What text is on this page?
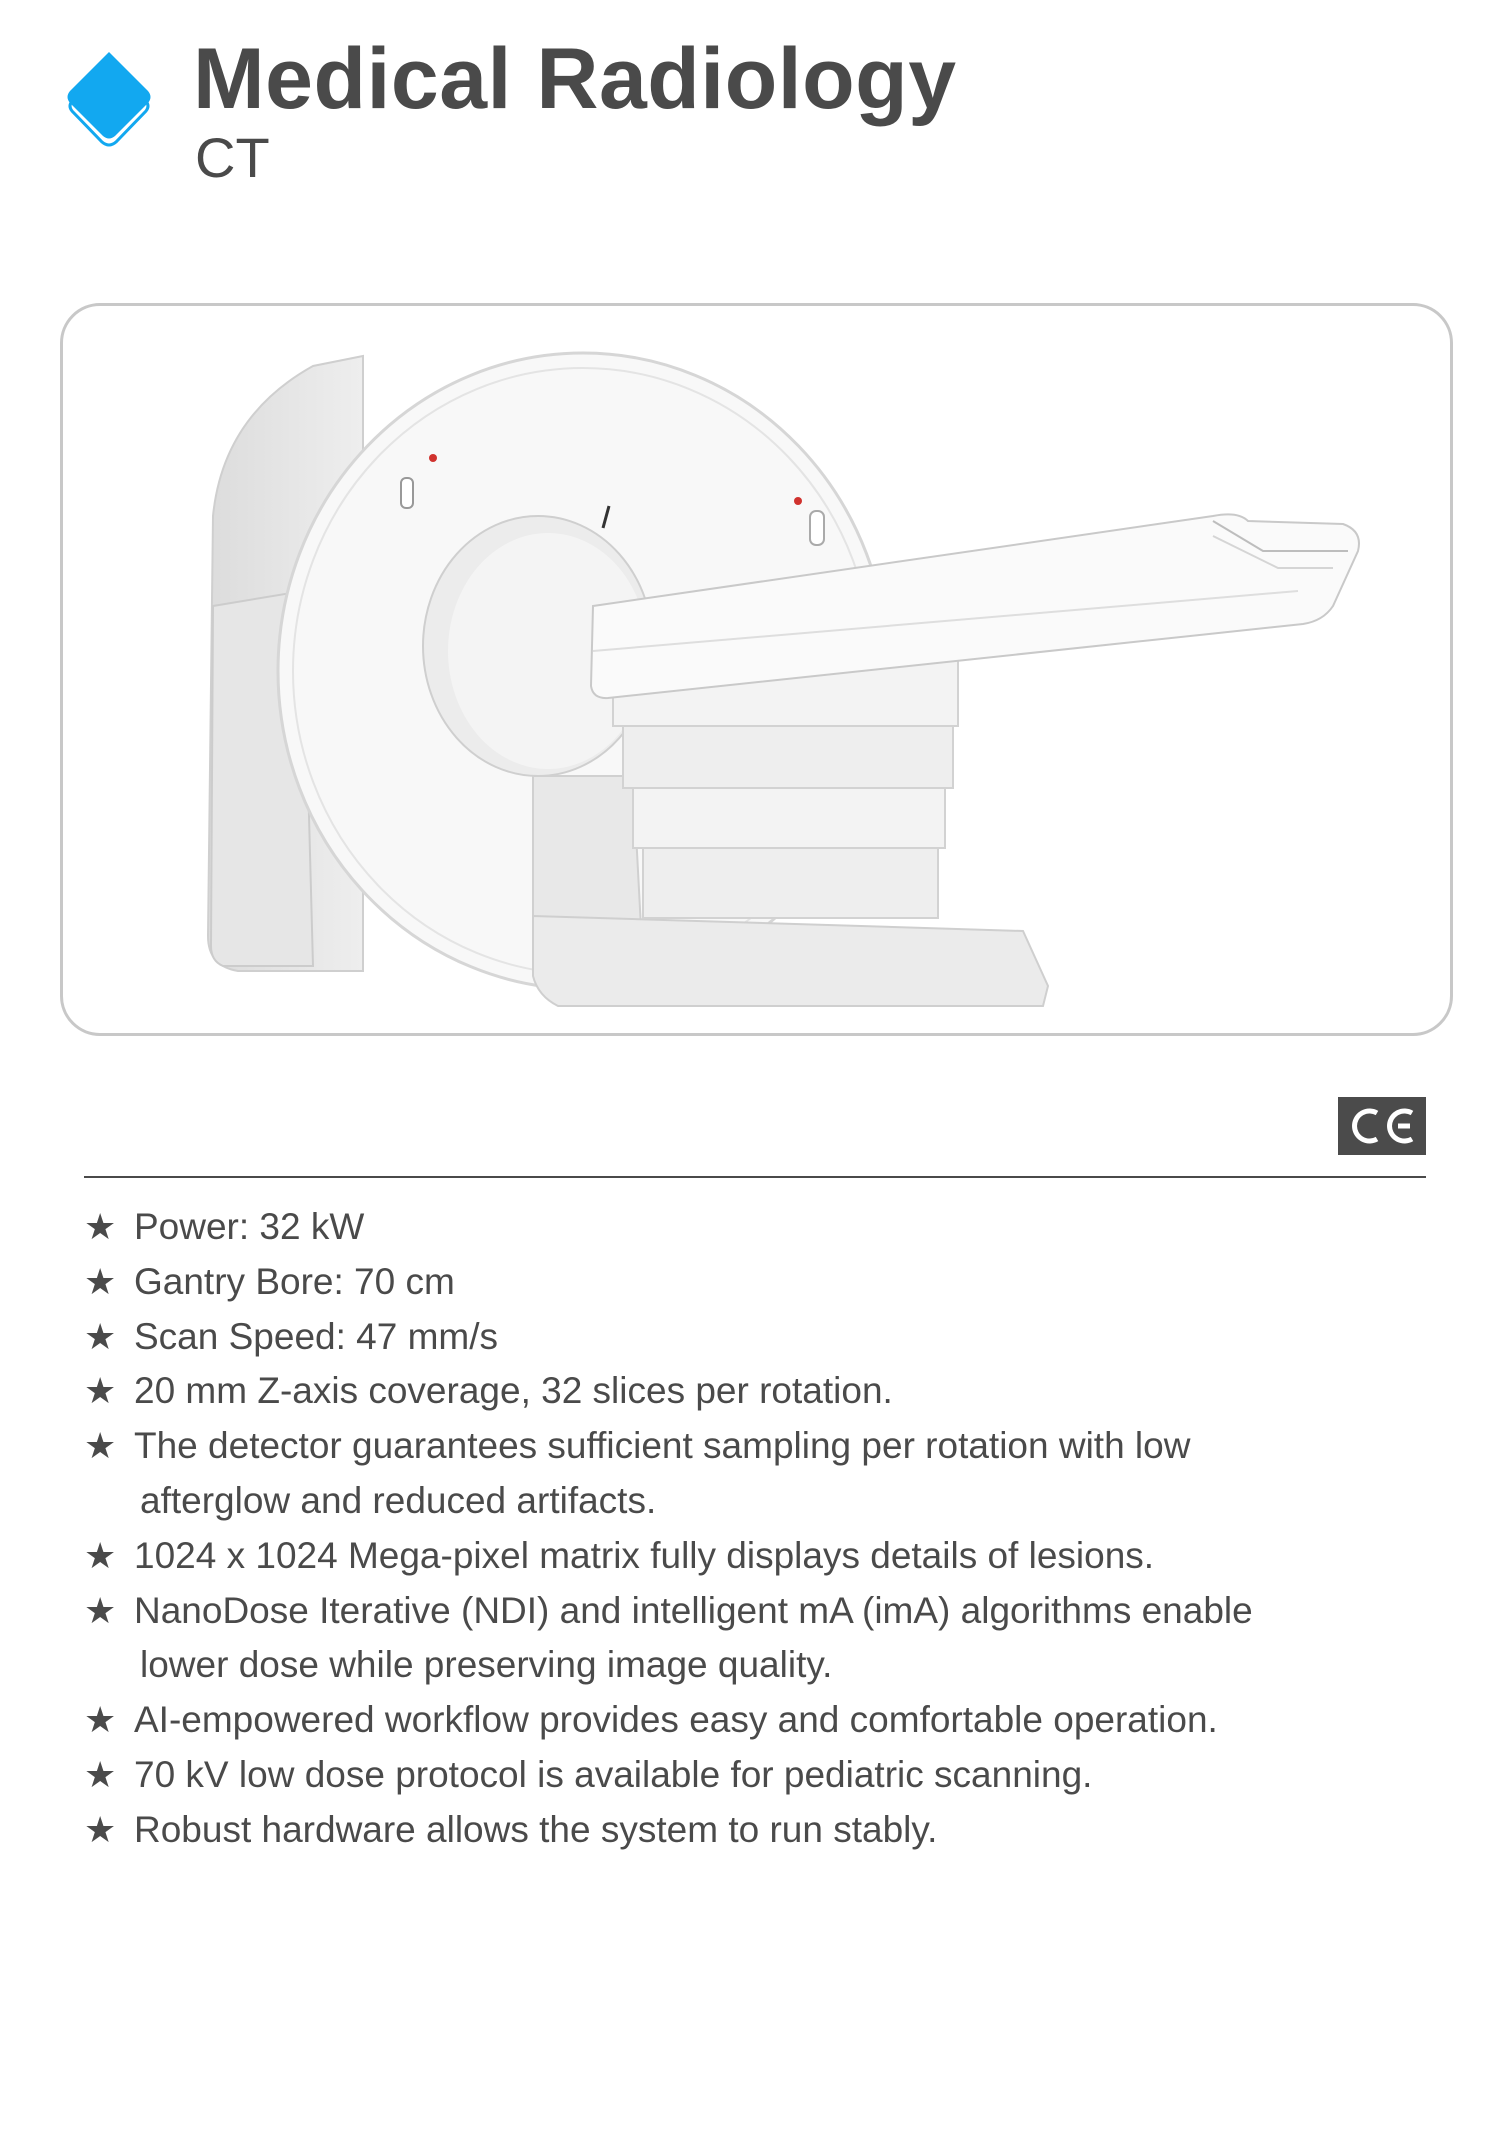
Medical Radiology
CT
★ Power: 32 kW
★ Gantry Bore: 70 cm
★ Scan Speed: 47 mm/s
★ 20 mm Z-axis coverage, 32 slices per rotation.
★ The detector guarantees sufficient sampling per rotation with low
afterglow and reduced artifacts.
★ 1024 x 1024 Mega-pixel matrix fully displays details of lesions.
★ NanoDose Iterative (NDI) and intelligent mA (imA) algorithms enable
lower dose while preserving image quality.
★ AI-empowered workflow provides easy and comfortable operation.
★ 70 kV low dose protocol is available for pediatric scanning.
★ Robust hardware allows the system to run stably.
